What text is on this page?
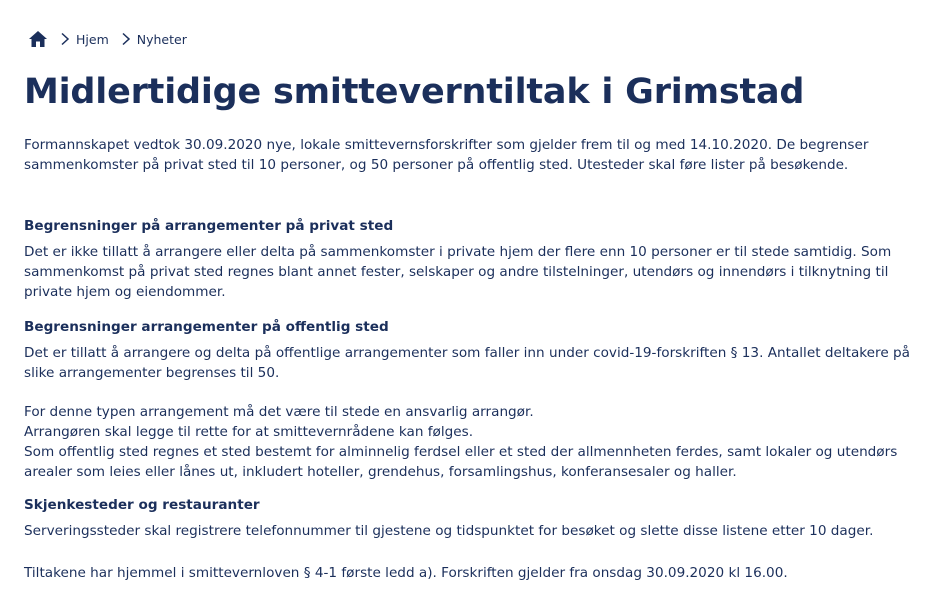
Hjem Nyheter
Midlertidige smitteverntiltak i Grimstad

Formannskapet vedtok 30.09.2020 nye, lokale smittevernsforskrifter som gjelder frem til og med 14.10.2020. De begrenser sammenkomster på privat sted til 10 personer, og 50 personer på offentlig sted. Utesteder skal føre lister på besøkende.

Begrensninger på arrangementer på privat sted

Det er ikke tillatt å arrangere eller delta på sammenkomster i private hjem der flere enn 10 personer er til stede samtidig. Som sammenkomst på privat sted regnes blant annet fester, selskaper og andre tilstelninger, utendørs og innendørs i tilknytning til private hjem og eiendommer.

Begrensninger arrangementer på offentlig sted

Det er tillatt å arrangere og delta på offentlige arrangementer som faller inn under covid-19-forskriften § 13. Antallet deltakere på slike arrangementer begrenses til 50.

For denne typen arrangement må det være til stede en ansvarlig arrangør.
Arrangøren skal legge til rette for at smittevernrådene kan følges.
Som offentlig sted regnes et sted bestemt for alminnelig ferdsel eller et sted der allmennheten ferdes, samt lokaler og utendørs arealer som leies eller lånes ut, inkludert hoteller, grendehus, forsamlingshus, konferansesaler og haller.
Skjenkesteder og restauranter

Serveringssteder skal registrere telefonnummer til gjestene og tidspunktet for besøket og slette disse listene etter 10 dager.

Tiltakene har hjemmel i smittevernloven § 4-1 første ledd a). Forskriften gjelder fra onsdag 30.09.2020 kl 16.00.
